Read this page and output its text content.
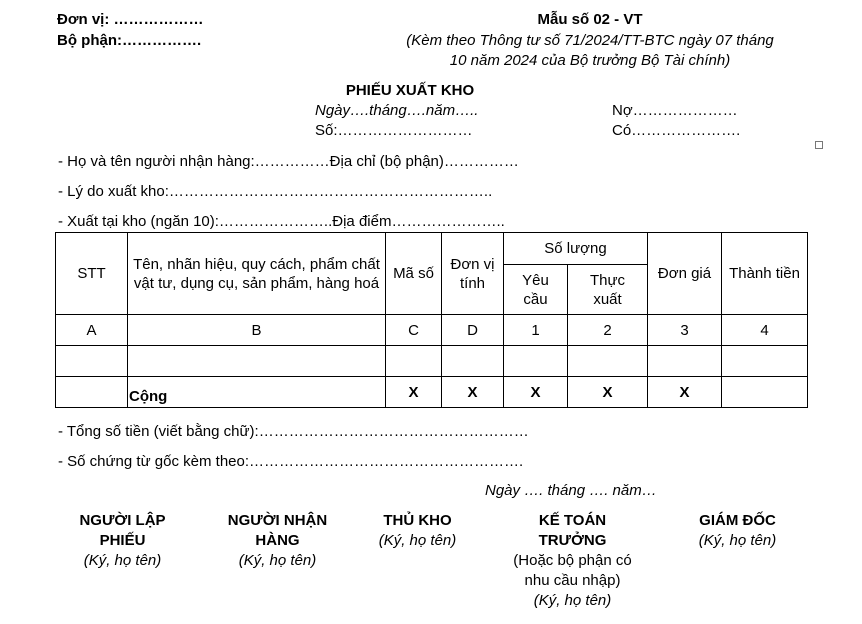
Đơn vị: ………………
Bộ phận:…………….
Mẫu số 02 - VT
(Kèm theo Thông tư số 71/2024/TT-BTC ngày 07 tháng
10 năm 2024 của Bộ trưởng Bộ Tài chính)
PHIẾU XUẤT KHO
Ngày….tháng….năm…..
Số:………………………
Nợ…………………
Có………………….
- Họ và tên người nhận hàng:……………Địa chỉ (bộ phận)……………
- Lý do xuất kho:………………………………………………………..
- Xuất tại kho (ngăn 10):…………………..Địa điểm…………………..
STT	Tên, nhãn hiệu, quy cách, phẩm chất vật tư, dụng cụ, sản phẩm, hàng hoá	Mã số	Đơn vị tính	Số lượng		Đơn giá	Thành tiền
				Yêu cầu	Thực xuất		
A	B	C	D	1	2	3	4

	Cộng	X	X	X	X	X	
- Tổng số tiền (viết bằng chữ):………………………………………………
- Số chứng từ gốc kèm theo:……………………………………………….
Ngày …. tháng …. năm…
NGƯỜI LẬP
PHIẾU
(Ký, họ tên)
NGƯỜI NHẬN
HÀNG
(Ký, họ tên)
THỦ KHO
(Ký, họ tên)
KẾ TOÁN
TRƯỞNG
(Hoặc bộ phận có
nhu cầu nhập)
(Ký, họ tên)
GIÁM ĐỐC
(Ký, họ tên)
